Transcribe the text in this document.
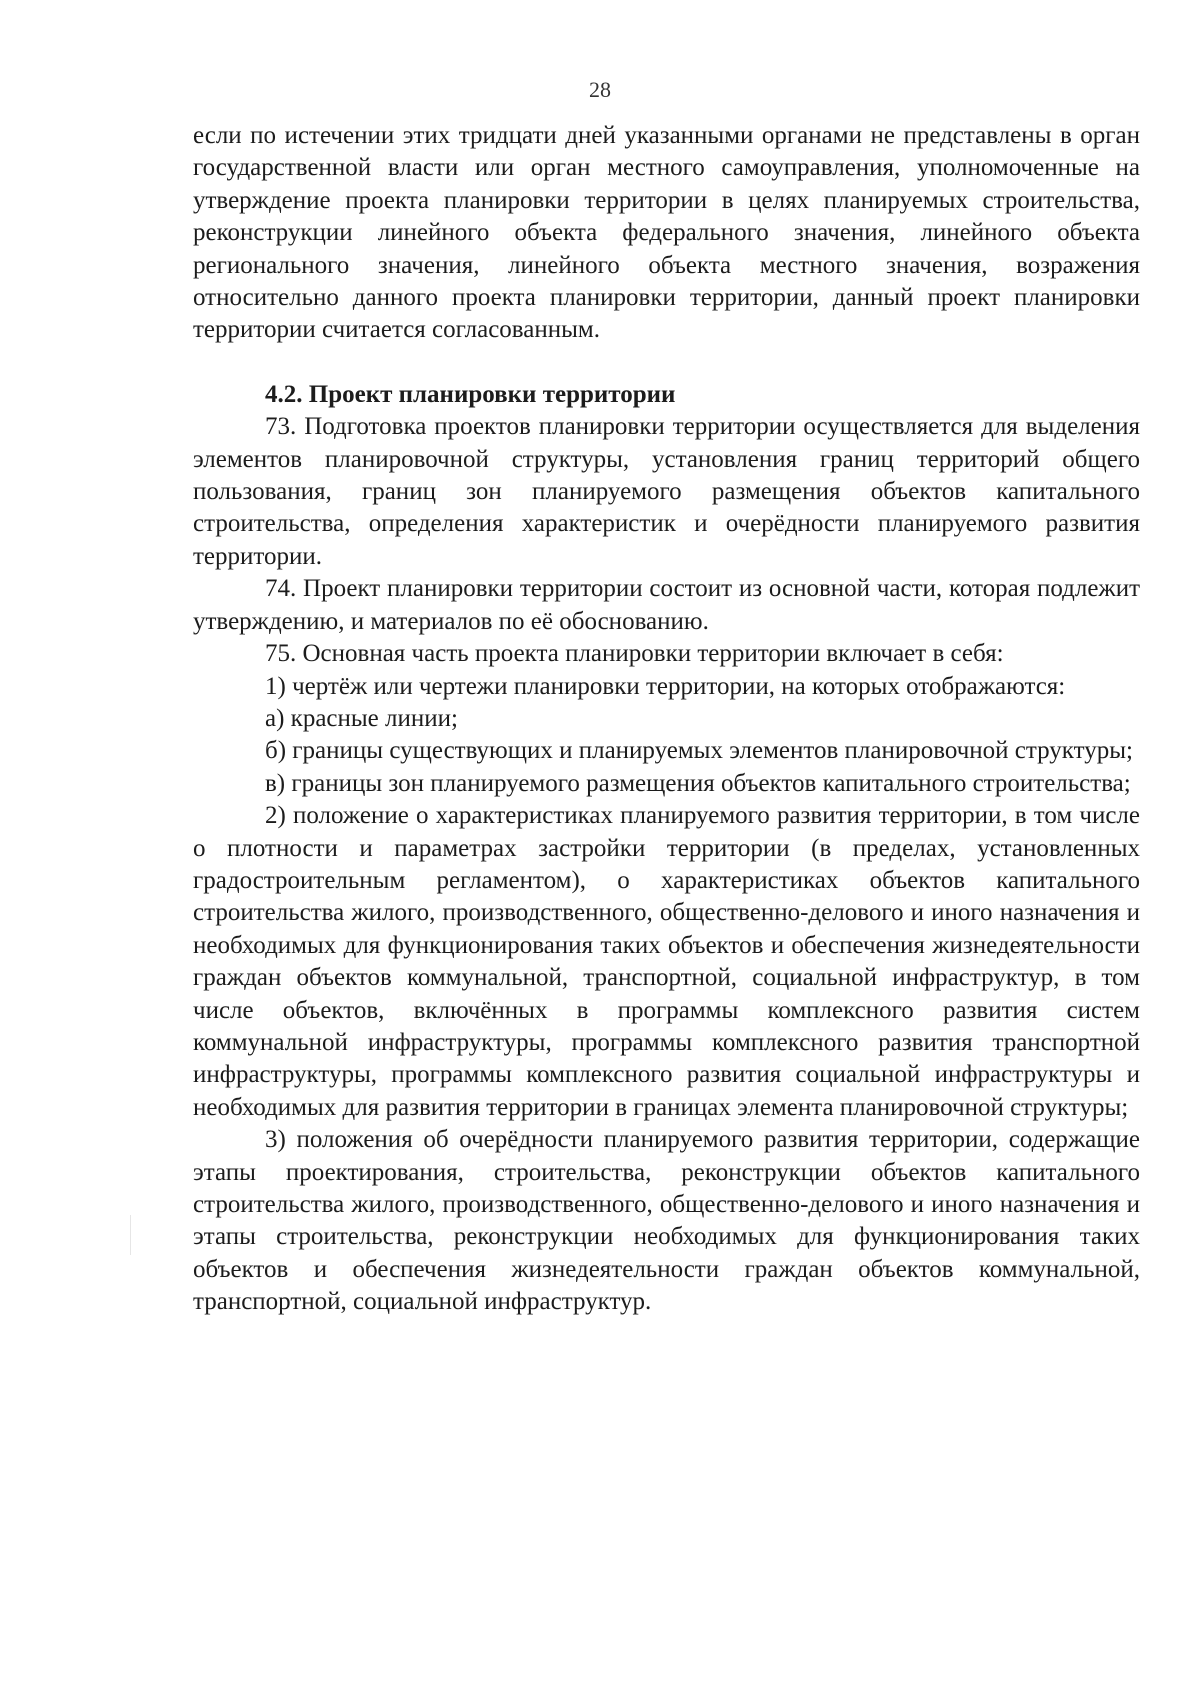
28

если по истечении этих тридцати дней указанными органами не представлены в орган государственной власти или орган местного самоуправления, уполномоченные на утверждение проекта планировки территории в целях планируемых строительства, реконструкции линейного объекта федерального значения, линейного объекта регионального значения, линейного объекта местного значения, возражения относительно данного проекта планировки территории, данный проект планировки территории считается согласованным.

4.2. Проект планировки территории

73. Подготовка проектов планировки территории осуществляется для выделения элементов планировочной структуры, установления границ территорий общего пользования, границ зон планируемого размещения объектов капитального строительства, определения характеристик и очерёдности планируемого развития территории.

74. Проект планировки территории состоит из основной части, которая подлежит утверждению, и материалов по её обоснованию.

75. Основная часть проекта планировки территории включает в себя:

1) чертёж или чертежи планировки территории, на которых отображаются:

а) красные линии;

б) границы существующих и планируемых элементов планировочной структуры;

в) границы зон планируемого размещения объектов капитального строительства;

2) положение о характеристиках планируемого развития территории, в том числе о плотности и параметрах застройки территории (в пределах, установленных градостроительным регламентом), о характеристиках объектов капитального строительства жилого, производственного, общественно-делового и иного назначения и необходимых для функционирования таких объектов и обеспечения жизнедеятельности граждан объектов коммунальной, транспортной, социальной инфраструктур, в том числе объектов, включённых в программы комплексного развития систем коммунальной инфраструктуры, программы комплексного развития транспортной инфраструктуры, программы комплексного развития социальной инфраструктуры и необходимых для развития территории в границах элемента планировочной структуры;

3) положения об очерёдности планируемого развития территории, содержащие этапы проектирования, строительства, реконструкции объектов капитального строительства жилого, производственного, общественно-делового и иного назначения и этапы строительства, реконструкции необходимых для функционирования таких объектов и обеспечения жизнедеятельности граждан объектов коммунальной, транспортной, социальной инфраструктур.
